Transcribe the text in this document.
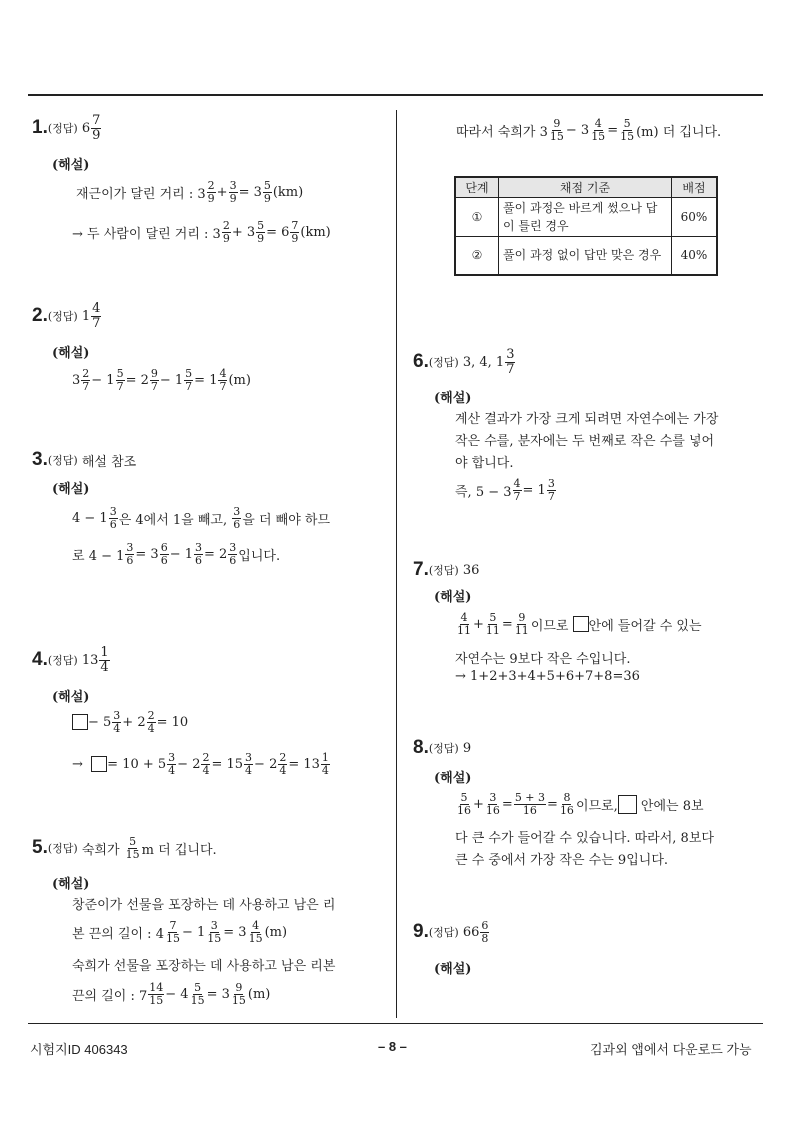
1. (정답)
$6 \frac{7}{9}$
(해설)
재근이가 달린 거리 : $3 \frac{2}{9} + \frac{3}{9} = 3 \frac{5}{9} (km)$
→ 두 사람이 달린 거리 : $3 \frac{2}{9} + 3 \frac{5}{9} = 6 \frac{7}{9} (km)$
2. (정답)
$1 \frac{4}{7}$
(해설)
$3 \frac{2}{7} - 1 \frac{5}{7} = 2 \frac{9}{7} - 1 \frac{5}{7} = 1 \frac{4}{7} (m)$
3. (정답)
해설 참조
(해설)
$4 - 1 \frac{3}{6}$ 은 4에서 1을 빼고,
$\frac{3}{6}$ 을 더 빼야 하므
로 $4 - 1 \frac{3}{6} = 3 \frac{6}{6} - 1 \frac{3}{6} = 2 \frac{3}{6}$ 입니다.
4. (정답)
$13 \frac{1}{4}$
(해설)
− $5 \frac{3}{4} + 2 \frac{2}{4} = 10$
→
= $10 + 5 \frac{3}{4} - 2 \frac{2}{4} = 15 \frac{3}{4} - 2 \frac{2}{4} = 13 \frac{1}{4}$
5. (정답)
숙희가
$\frac{5}{15}$ m 더 깁니다.
(해설)
창준이가 선물을 포장하는 데 사용하고 남은 리
본 끈의 길이 : $4 \frac{7}{15} - 1 \frac{3}{15} = 3 \frac{4}{15} (m)$
숙희가 선물을 포장하는 데 사용하고 남은 리본
끈의 길이 : $7 \frac{14}{15} - 4 \frac{5}{15} = 3 \frac{9}{15} (m)$
따라서 숙희가 $3 \frac{9}{15} - 3 \frac{4}{15} = \frac{5}{15} (m)$ 더 깁니다.
단계	채점 기준	배점
①	풀이 과정은 바르게 썼으나 답이 틀린 경우	60%
②	풀이 과정 없이 답만 맞은 경우	40%
6. (정답)
3, 4, $1 \frac{3}{7}$
(해설)
계산 결과가 가장 크게 되려면 자연수에는 가장
작은 수를, 분자에는 두 번째로 작은 수를 넣어
야 합니다.
즉, $5 - 3 \frac{4}{7} = 1 \frac{3}{7}$
7. (정답)
36
(해설)
$\frac{4}{11} + \frac{5}{11} = \frac{9}{11}$ 이므로
안에 들어갈 수 있는
자연수는 9보다 작은 수입니다.
→ 1+2+3+4+5+6+7+8=36
8. (정답)
9
(해설)
$\frac{5}{16} + \frac{3}{16} = \frac{5 + 3}{16} = \frac{8}{16}$ 이므로,
안에는 8보
다 큰 수가 들어갈 수 있습니다. 따라서, 8보다
큰 수 중에서 가장 작은 수는 9입니다.
9. (정답)
$66 \frac{6}{8}$
(해설)
시험지ID 406343	– 8 –	김과외 앱에서 다운로드 가능
